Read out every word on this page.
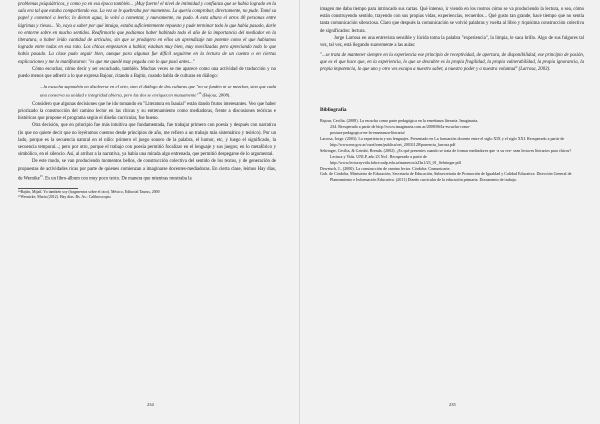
problemas psiquiátricos, y como yo en esa época también... ¡Muy fuerte! el nivel de intimidad y confianza que se había logrado en la sala era tal que estaba compartiendo eso. La vez se le quebraba por momentos. La quería comprobar, directamente, no pude. Tomé su papel y comencé a leerlo; lo dieron agua, lo volví a comentar, y nuevamente, no pudo. A esta altura el otros 40 personas entre lágrimas y riesos... Yo, vaya a saber por qué intuigo, estaba suficientemente repuesto y pude terminar todo lo que había pasado, darle vo entorne sobre en mucho sentidos. Reafirmarlo que podíamos haber habitado todo el año de la importancia del mediador en la literatura, o haber leído cantidad de artículos, sin que se produjera en ellos un aprendizaje tan potente como el que habíamos logrado entre todas en esa rato. Los chicas empezaron a hablar, estaban muy bien, muy movilizadas pero apreciando todo lo que había pasado. La clase pudo seguir bien, aunque para algunas fue difícil seguirme en la lectura de un cuento o en ciertas explicaciones y me lo manifestaron: "es que me quedé muy pegada con lo que pasó antes..."

Cómo escuchar, cómo decir y ser escuchado, también. Muchas veces se me aparece como una actividad de traducción y no puedo menos que adherir a lo que expresa Bajour, citando a Bajtín, cuando habla de culturas en diálogo:

...la escucha supondría no disolverse en el otro, sino el diálogo de dos culturas que "no se funden ni se mezclan, sino que cada una conserva su unidad e integridad abierta, pero las dos se enriquecen mutuamente"$^{14}$ (Bajour, 2008).

Considero que algunas decisiones que he ido tomando en "Literatura en Isauial" están dando frutos interesantes. Veo que haber priorizado la construcción del camino lector en las chicas y su entrenamiento como mediadoras, frente a discusiones teóricas e históricas que propone el programa según el diseño curricular, fue bueno.

Otra decisión, que en principio fue más intuitiva que fundamentada, fue trabajar primero con poesía y después con narrativa (lo que no quiere decir que no leyéramos cuentos desde principios de año, me refiero a un trabajo más sistemático y teórico). Por un lado, porque es la secuencia natural en el niño: primero el juego sonoro de la palabra, el humor, etc, y luego el significado, la secuencia temporal...; pero por otro, porque el trabajo con poesía permitió focalizar en el lenguaje y sus juegos; en lo metafórico y simbólico, en el silencio. Así, al arribar a la narrativa, ya había una mirada algo entrenada, que permitió despegarse de lo argumental.

De este modo, se van produciendo momentos bellos, de construcción colectiva del sentido de los textos, y de generación de propuestas de actividades ricas por parte de quienes comienzan a imaginarse docentes-mediadoras. En cierta clase, leímos Hay días, de Wernike$^{15}$. Es un libro-álbum con muy poco texto. De manera que mientras mostraba la

¹⁴Bajtín, Mijail. Yo también soy (fragmentos sobre el otro). México, Editorial Taurus, 2000

¹⁵Wernicke, María (2012). Hay días. Bs. As.: Calibroscopio.

234

imagen me daba tiempo para intrincado sus cartas. Qué intenso, ir viendo en los rostros cómo se va produciendo la lectura, o sea, cómo están construyendo sentido, trayendo con sus propias vidas, experiencias, recuerdos... Qué gusto tan grande, hace tiempo que no sentía tanta comunicación silenciosa. Claro que después la comunicación se volvió palabras y vuelta al libro y riquísima construcción colectiva de significados: lectura.

Jorge Larrosa en una entrevista sensible y lúcida toma la palabra "experiencia", la limpia, le saca brillo. Algo de sus fulgores tal vez, tal vez, está llegando suavemente a las aulas:

"...se trata de mantener siempre en la experiencia ese principio de receptividad, de apertura, de disponibilidad, ese principio de pasión, que es el que hace que, en la experiencia, lo que se descubre es la propia fragilidad, la propia vulnerabilidad, la propia ignorancia, la propia impotencia, lo que uno y otro ves escapa a nuestro saber, a nuestro poder y a nuestra voluntad" (Larrosa, 2003).

Bibliografía

Bajour, Cecilia. (2008). La escucha como parte pedagógica en la enseñanza literaria. Imaginaria,

234. Recuperado a partir de http://www.imaginaria.com.ar/2008/06/la-escucha-como-

postura-pedagogica-en-la-ensenanza-literaria/

Larrosa, Jorge. (2003). La experiencia y sus lenguajes. Presentado en La formación docente entre el siglo XIX y el siglo XXI. Recuperado a partir de

http://www.me.gov.ar/curriform/publica/oei_20031128/ponencia_larrosa.pdf

Sehringer, Cecilia, & Grirnhi, Brenda. (2002). ¿Es qué presentes cuando se trata de formar mediadores que -a su vez- sean lectores literarios para chicos? Lectura y Vida. UNLP, año 23 No1. Recuperado a partir de

http://www.lecturayvida.fahce.unlp.edu.ar/numeros/a23n1/23_01_Sehringer.pdf

Dewetsch, L. (2000). La construcción de camino lector. Córdoba: Comunicarte.

Gob. de Córdoba, Ministerio de Educación, Secretaría de Educación, Subsecretaría de Promoción de Igualdad y Calidad Educativa. Dirección General de Planeamiento e Información Educativa. (2011) Diseño curricular de la educación primaria. Documento de trabajo.

235
